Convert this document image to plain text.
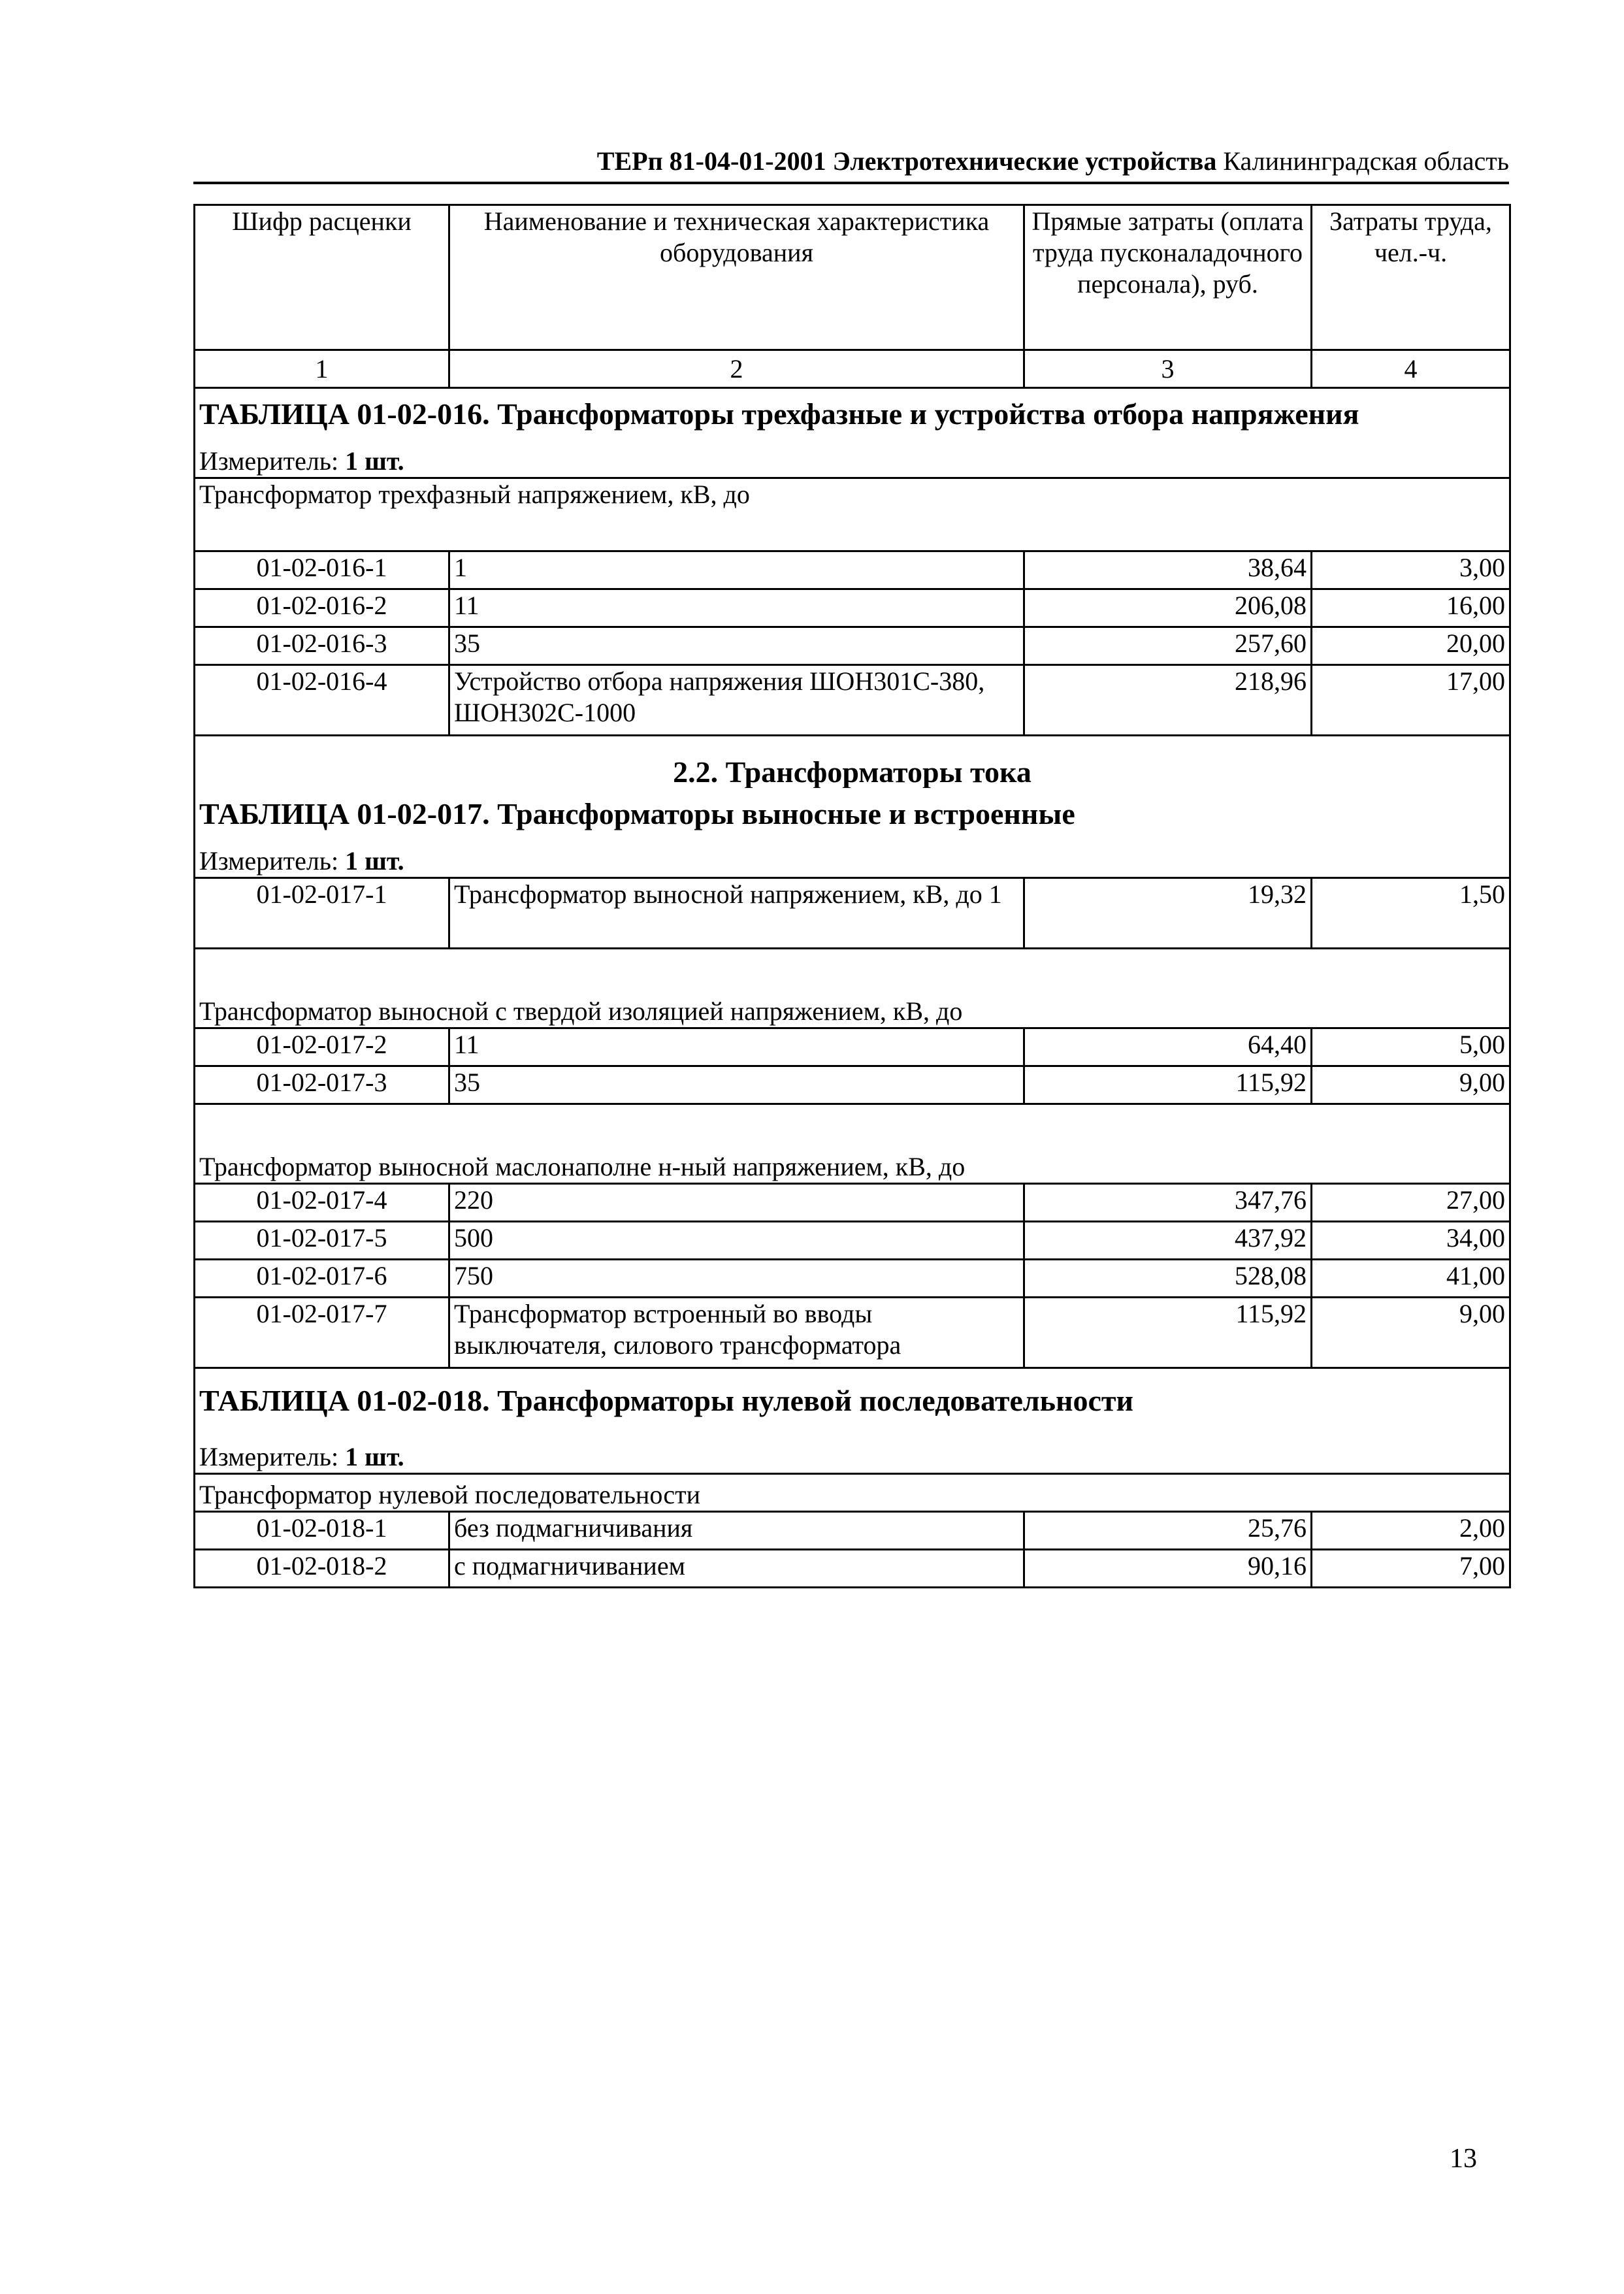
ТЕРп 81-04-01-2001 Электротехнические устройства Калининградская область
Шифр расценки	Наименование и техническая характеристика оборудования	Прямые затраты (оплата труда пусконаладочного персонала), руб.	Затраты труда, чел.-ч.
1	2	3	4
ТАБЛИЦА 01-02-016. Трансформаторы трехфазные и устройства отбора напряжения			
Измеритель: 1 шт.			
Трансформатор трехфазный напряжением, кВ, до			
01-02-016-1	1	38,64	3,00
01-02-016-2	11	206,08	16,00
01-02-016-3	35	257,60	20,00
01-02-016-4	Устройство отбора напряжения ШОН301С-380, ШОН302С-1000	218,96	17,00
2.2. Трансформаторы тока			
ТАБЛИЦА 01-02-017. Трансформаторы выносные и встроенные			
Измеритель: 1 шт.			
01-02-017-1	Трансформатор выносной напряжением, кВ, до 1	19,32	1,50
Трансформатор выносной с твердой изоляцией напряжением, кВ, до			
01-02-017-2	11	64,40	5,00
01-02-017-3	35	115,92	9,00
Трансформатор выносной маслонаполне н-ный напряжением, кВ, до			
01-02-017-4	220	347,76	27,00
01-02-017-5	500	437,92	34,00
01-02-017-6	750	528,08	41,00
01-02-017-7	Трансформатор встроенный во вводы выключателя, силового трансформатора	115,92	9,00
ТАБЛИЦА 01-02-018. Трансформаторы нулевой последовательности			
Измеритель: 1 шт.			
Трансформатор нулевой последовательности			
01-02-018-1	без подмагничивания	25,76	2,00
01-02-018-2	с подмагничиванием	90,16	7,00
13
